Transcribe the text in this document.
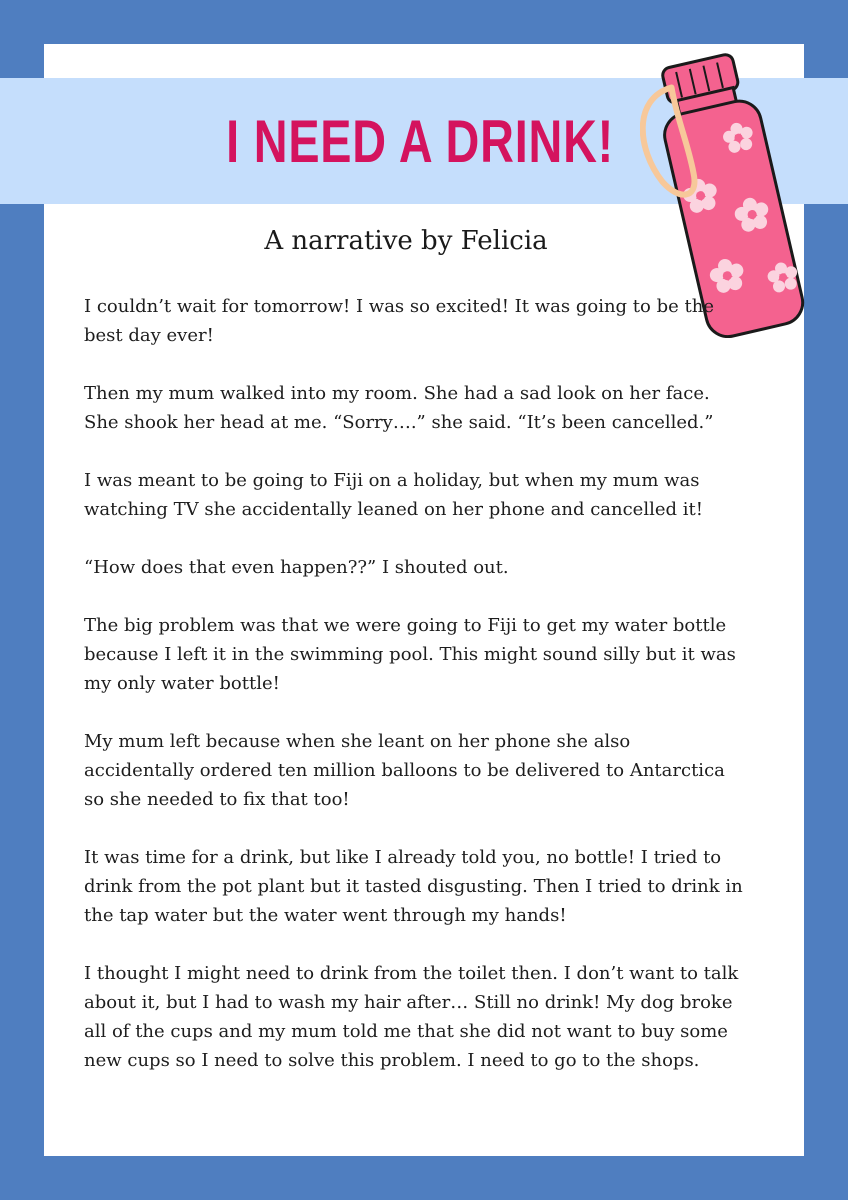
I NEED A DRINK!
A narrative by Felicia

I couldn’t wait for tomorrow! I was so excited! It was going to be the best day ever!

Then my mum walked into my room. She had a sad look on her face. She shook her head at me. “Sorry….” she said. “It’s been cancelled.”

I was meant to be going to Fiji on a holiday, but when my mum was watching TV she accidentally leaned on her phone and cancelled it!

“How does that even happen??” I shouted out.

The big problem was that we were going to Fiji to get my water bottle because I left it in the swimming pool. This might sound silly but it was my only water bottle!

My mum left because when she leant on her phone she also accidentally ordered ten million balloons to be delivered to Antarctica so she needed to fix that too!

It was time for a drink, but like I already told you, no bottle! I tried to drink from the pot plant but it tasted disgusting. Then I tried to drink in the tap water but the water went through my hands!

I thought I might need to drink from the toilet then. I don’t want to talk about it, but I had to wash my hair after… Still no drink! My dog broke all of the cups and my mum told me that she did not want to buy some new cups so I need to solve this problem. I need to go to the shops.
